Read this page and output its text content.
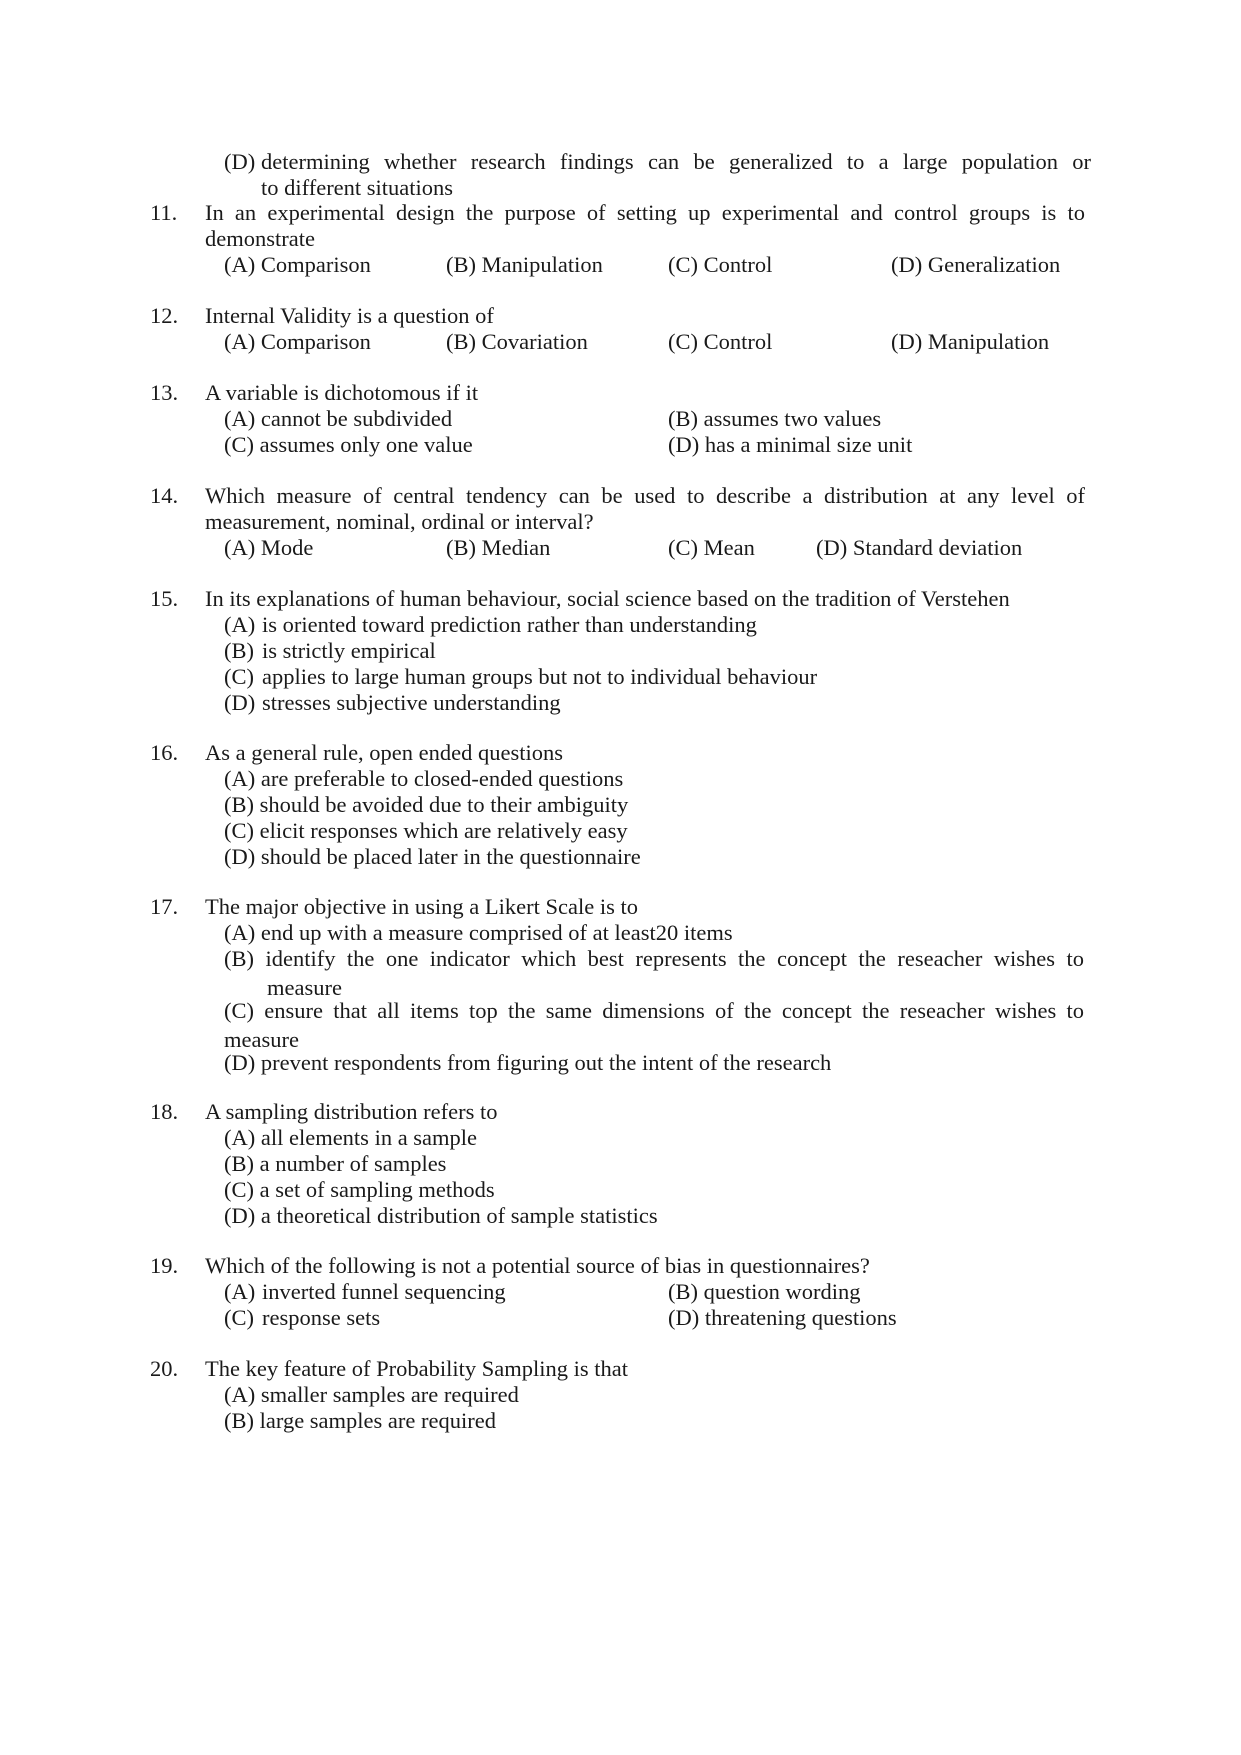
(D) determining whether research findings can be generalized to a large population or
to different situations
11. In an experimental design the purpose of setting up experimental and control groups is to
demonstrate
(A) Comparison	(B) Manipulation	(C) Control	(D) Generalization
12. Internal Validity is a question of
(A) Comparison	(B) Covariation	(C) Control	(D) Manipulation
13. A variable is dichotomous if it
(A) cannot be subdivided	(B) assumes two values
(C) assumes only one value	(D) has a minimal size unit
14. Which measure of central tendency can be used to describe a distribution at any level of
measurement, nominal, ordinal or interval?
(A) Mode	(B) Median	(C) Mean	(D) Standard deviation
15. In its explanations of human behaviour, social science based on the tradition of Verstehen
(A) is oriented toward prediction rather than understanding
(B) is strictly empirical
(C) applies to large human groups but not to individual behaviour
(D) stresses subjective understanding
16. As a general rule, open ended questions
(A) are preferable to closed-ended questions
(B) should be avoided due to their ambiguity
(C) elicit responses which are relatively easy
(D) should be placed later in the questionnaire
17. The major objective in using a Likert Scale is to
(A) end up with a measure comprised of at least20 items
(B) identify the one indicator which best represents the concept the reseacher wishes to measure
(C) ensure that all items top the same dimensions of the concept the reseacher wishes to measure
(D) prevent respondents from figuring out the intent of the research
18. A sampling distribution refers to
(A) all elements in a sample
(B) a number of samples
(C) a set of sampling methods
(D) a theoretical distribution of sample statistics
19. Which of the following is not a potential source of bias in questionnaires?
(A) inverted funnel sequencing	(B) question wording
(C) response sets	(D) threatening questions
20. The key feature of Probability Sampling is that
(A) smaller samples are required
(B) large samples are required
